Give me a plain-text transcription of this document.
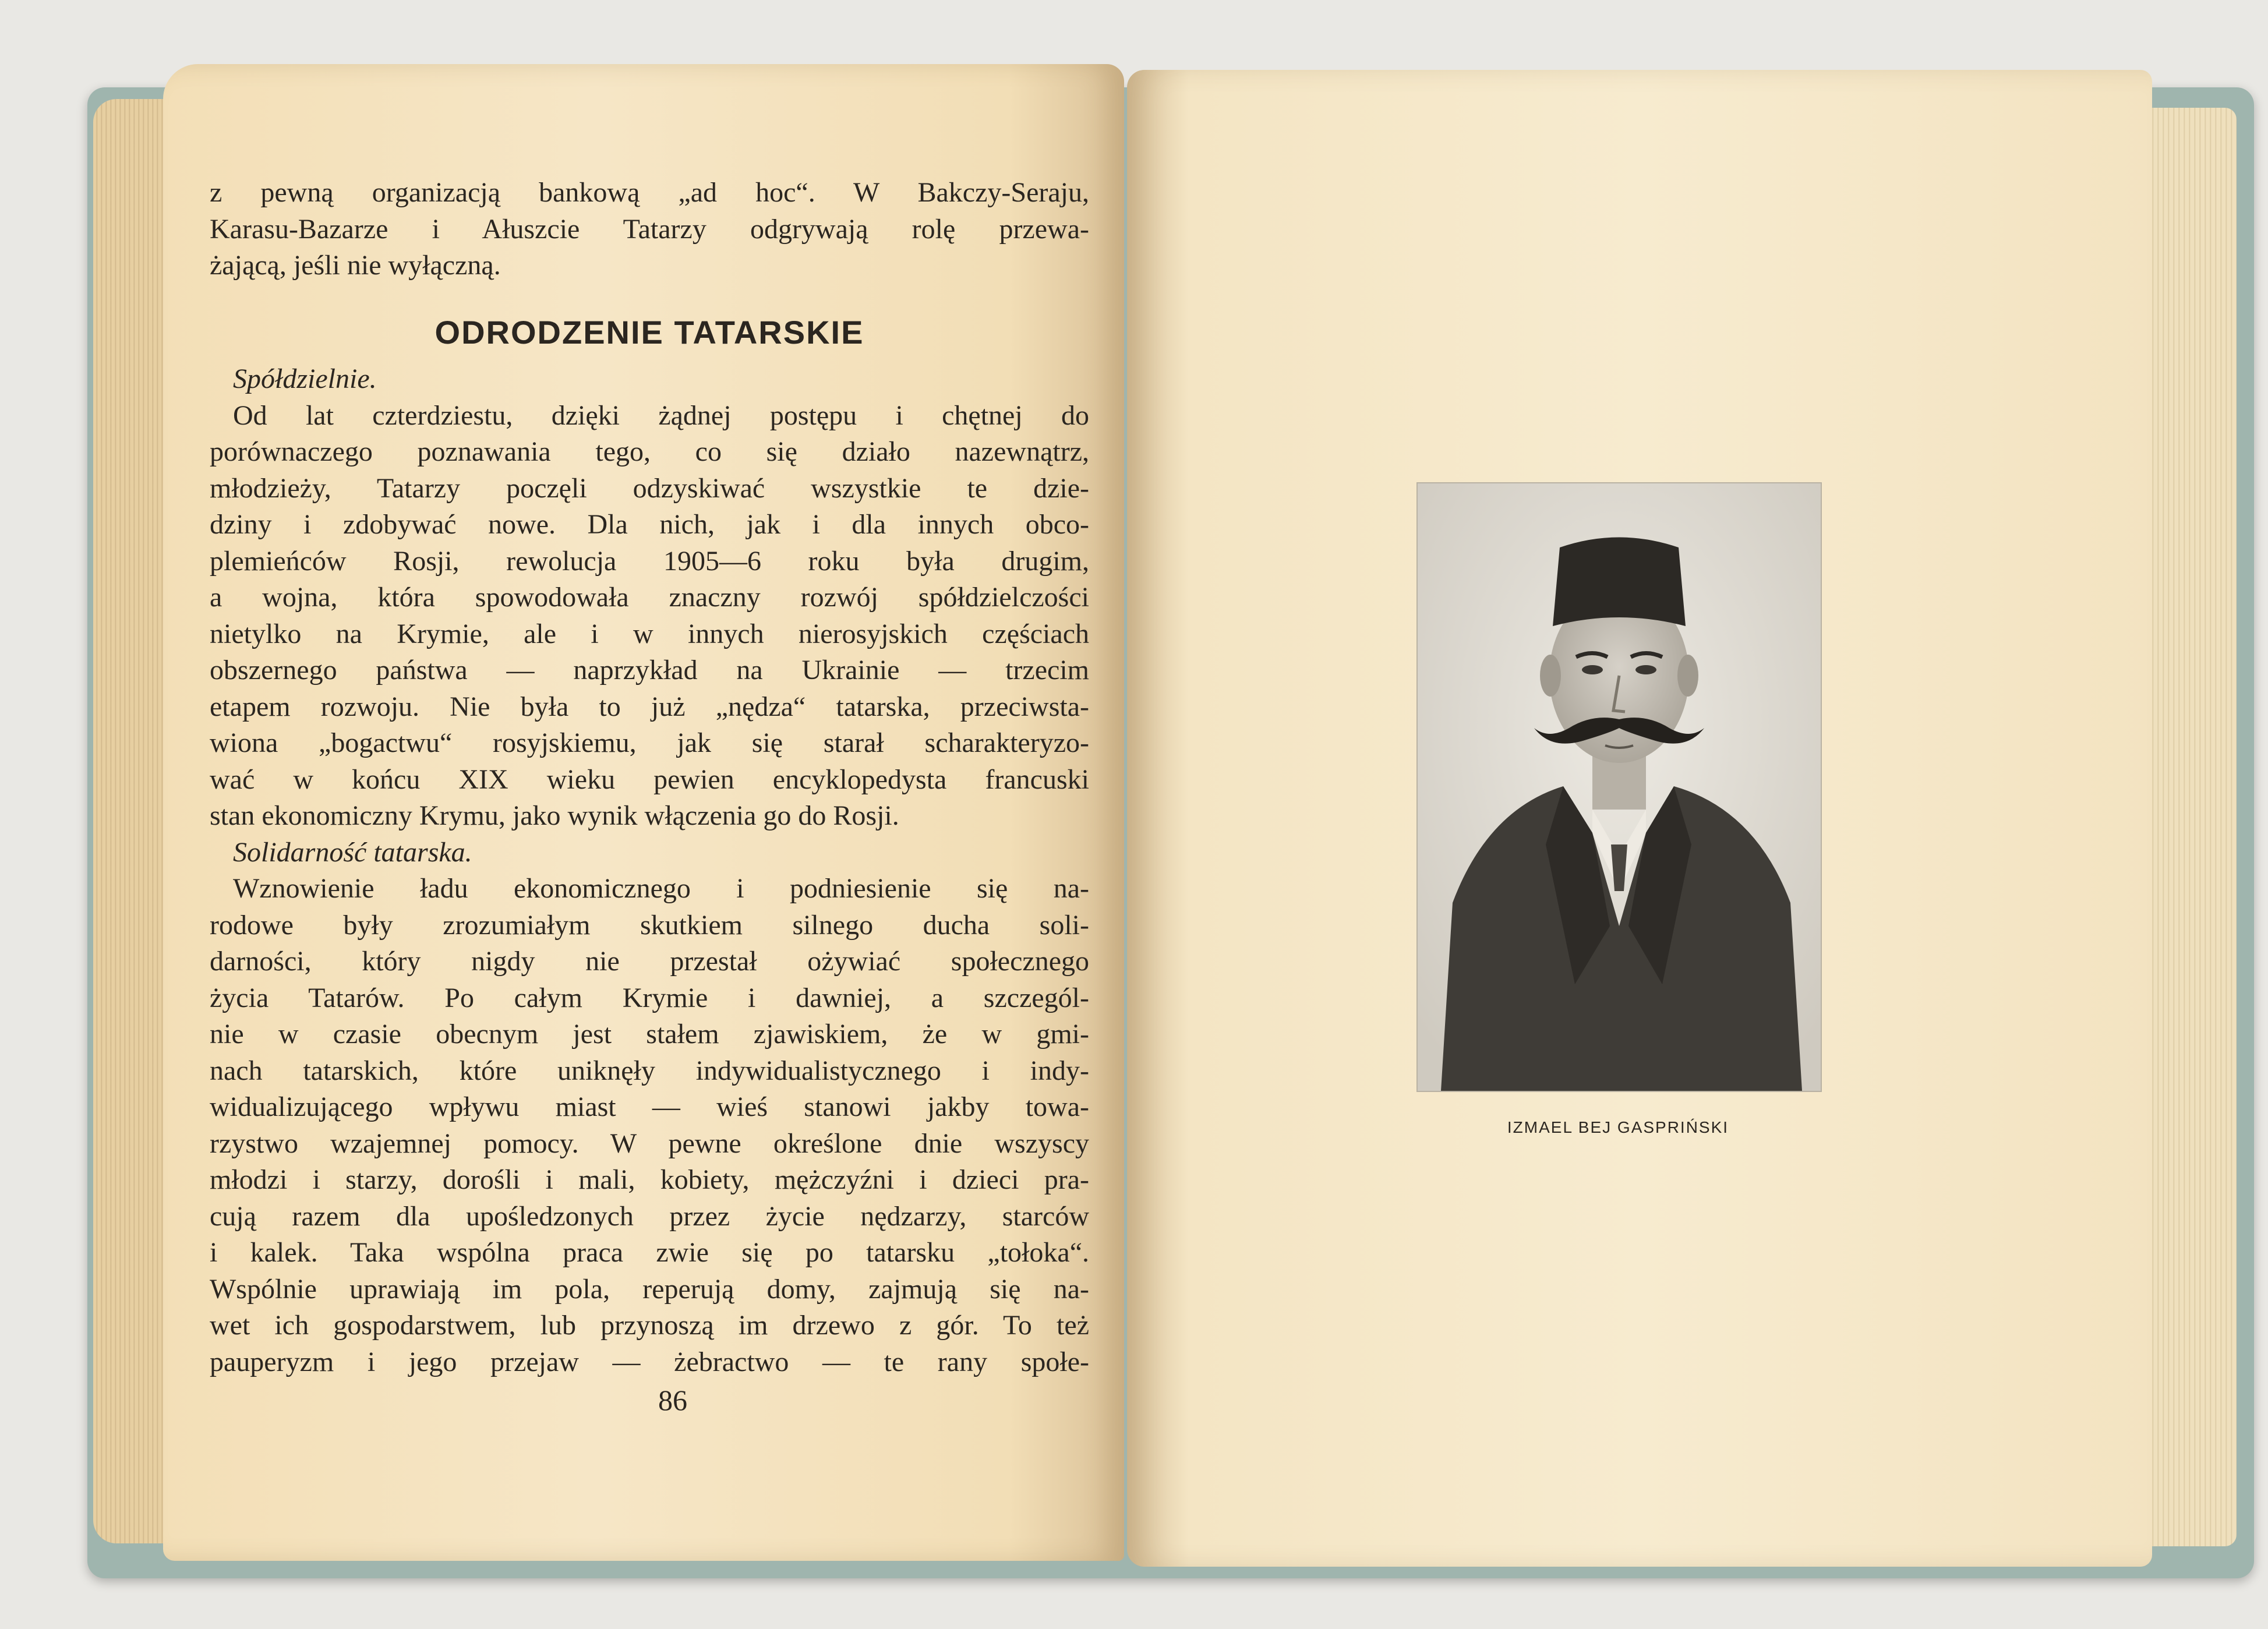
z pewną organizacją bankową „ad hoc“. W Bakczy-Seraju,
Karasu-Bazarze i Ałuszcie Tatarzy odgrywają rolę przewa-
żającą, jeśli nie wyłączną.
ODRODZENIE TATARSKIE
Spółdzielnie.
Od lat czterdziestu, dzięki żądnej postępu i chętnej do
porównaczego poznawania tego, co się działo nazewnątrz,
młodzieży, Tatarzy poczęli odzyskiwać wszystkie te dzie-
dziny i zdobywać nowe. Dla nich, jak i dla innych obco-
plemieńców Rosji, rewolucja 1905—6 roku była drugim,
a wojna, która spowodowała znaczny rozwój spółdzielczości
nietylko na Krymie, ale i w innych nierosyjskich częściach
obszernego państwa — naprzykład na Ukrainie — trzecim
etapem rozwoju. Nie była to już „nędza“ tatarska, przeciwsta-
wiona „bogactwu“ rosyjskiemu, jak się starał scharakteryzo-
wać w końcu XIX wieku pewien encyklopedysta francuski
stan ekonomiczny Krymu, jako wynik włączenia go do Rosji.
Solidarność tatarska.
Wznowienie ładu ekonomicznego i podniesienie się na-
rodowe były zrozumiałym skutkiem silnego ducha soli-
darności, który nigdy nie przestał ożywiać społecznego
życia Tatarów. Po całym Krymie i dawniej, a szczegól-
nie w czasie obecnym jest stałem zjawiskiem, że w gmi-
nach tatarskich, które uniknęły indywidualistycznego i indy-
widualizującego wpływu miast — wieś stanowi jakby towa-
rzystwo wzajemnej pomocy. W pewne określone dnie wszyscy
młodzi i starzy, dorośli i mali, kobiety, mężczyźni i dzieci pra-
cują razem dla upośledzonych przez życie nędzarzy, starców
i kalek. Taka wspólna praca zwie się po tatarsku „tołoka“.
Wspólnie uprawiają im pola, reperują domy, zajmują się na-
wet ich gospodarstwem, lub przynoszą im drzewo z gór. To też
pauperyzm i jego przejaw — żebractwo — te rany społe-
86
IZMAEL BEJ GASPRIŃSKI
